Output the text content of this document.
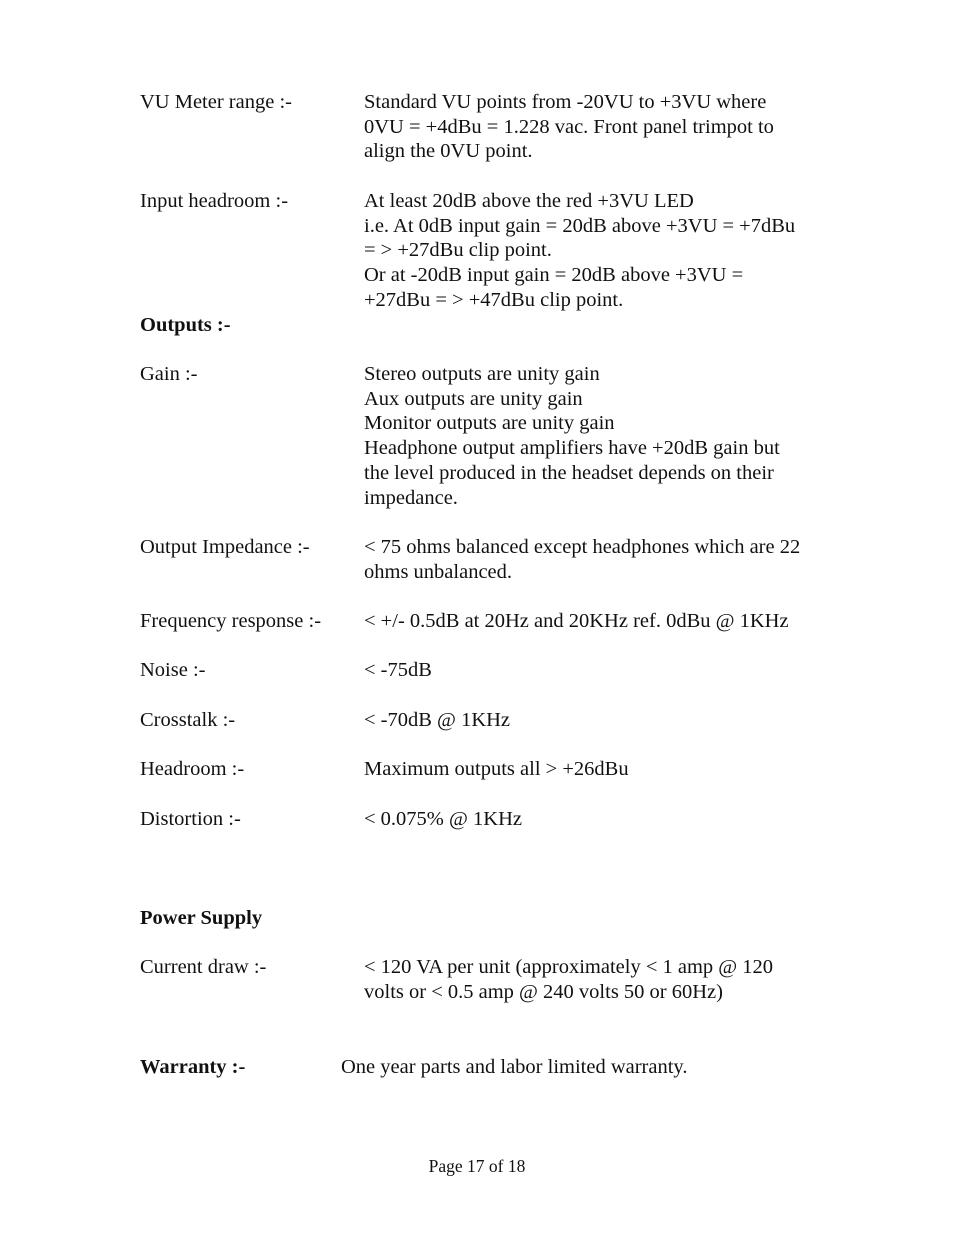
VU Meter range :-	Standard VU points from -20VU to +3VU where
0VU = +4dBu = 1.228 vac. Front panel trimpot to
align the 0VU point.
Input headroom :-	At least 20dB above the red +3VU LED
i.e. At 0dB input gain = 20dB above +3VU = +7dBu
= > +27dBu clip point.
Or at -20dB input gain = 20dB above +3VU =
+27dBu = > +47dBu clip point.
Outputs :-
Gain :-	Stereo outputs are unity gain
Aux outputs are unity gain
Monitor outputs are unity gain
Headphone output amplifiers have +20dB gain but
the level produced in the headset depends on their
impedance.
Output Impedance :-	< 75 ohms balanced except headphones which are 22
ohms unbalanced.
Frequency response :- < +/- 0.5dB at 20Hz and 20KHz ref. 0dBu @ 1KHz
Noise :-	< -75dB
Crosstalk :-	< -70dB @ 1KHz
Headroom :-	Maximum outputs all > +26dBu
Distortion :-	< 0.075% @ 1KHz
Power Supply
Current draw :-	< 120 VA per unit (approximately < 1 amp @ 120
volts or < 0.5 amp @ 240 volts 50 or 60Hz)
Warranty :-	One year parts and labor limited warranty.
Page 17 of 18
